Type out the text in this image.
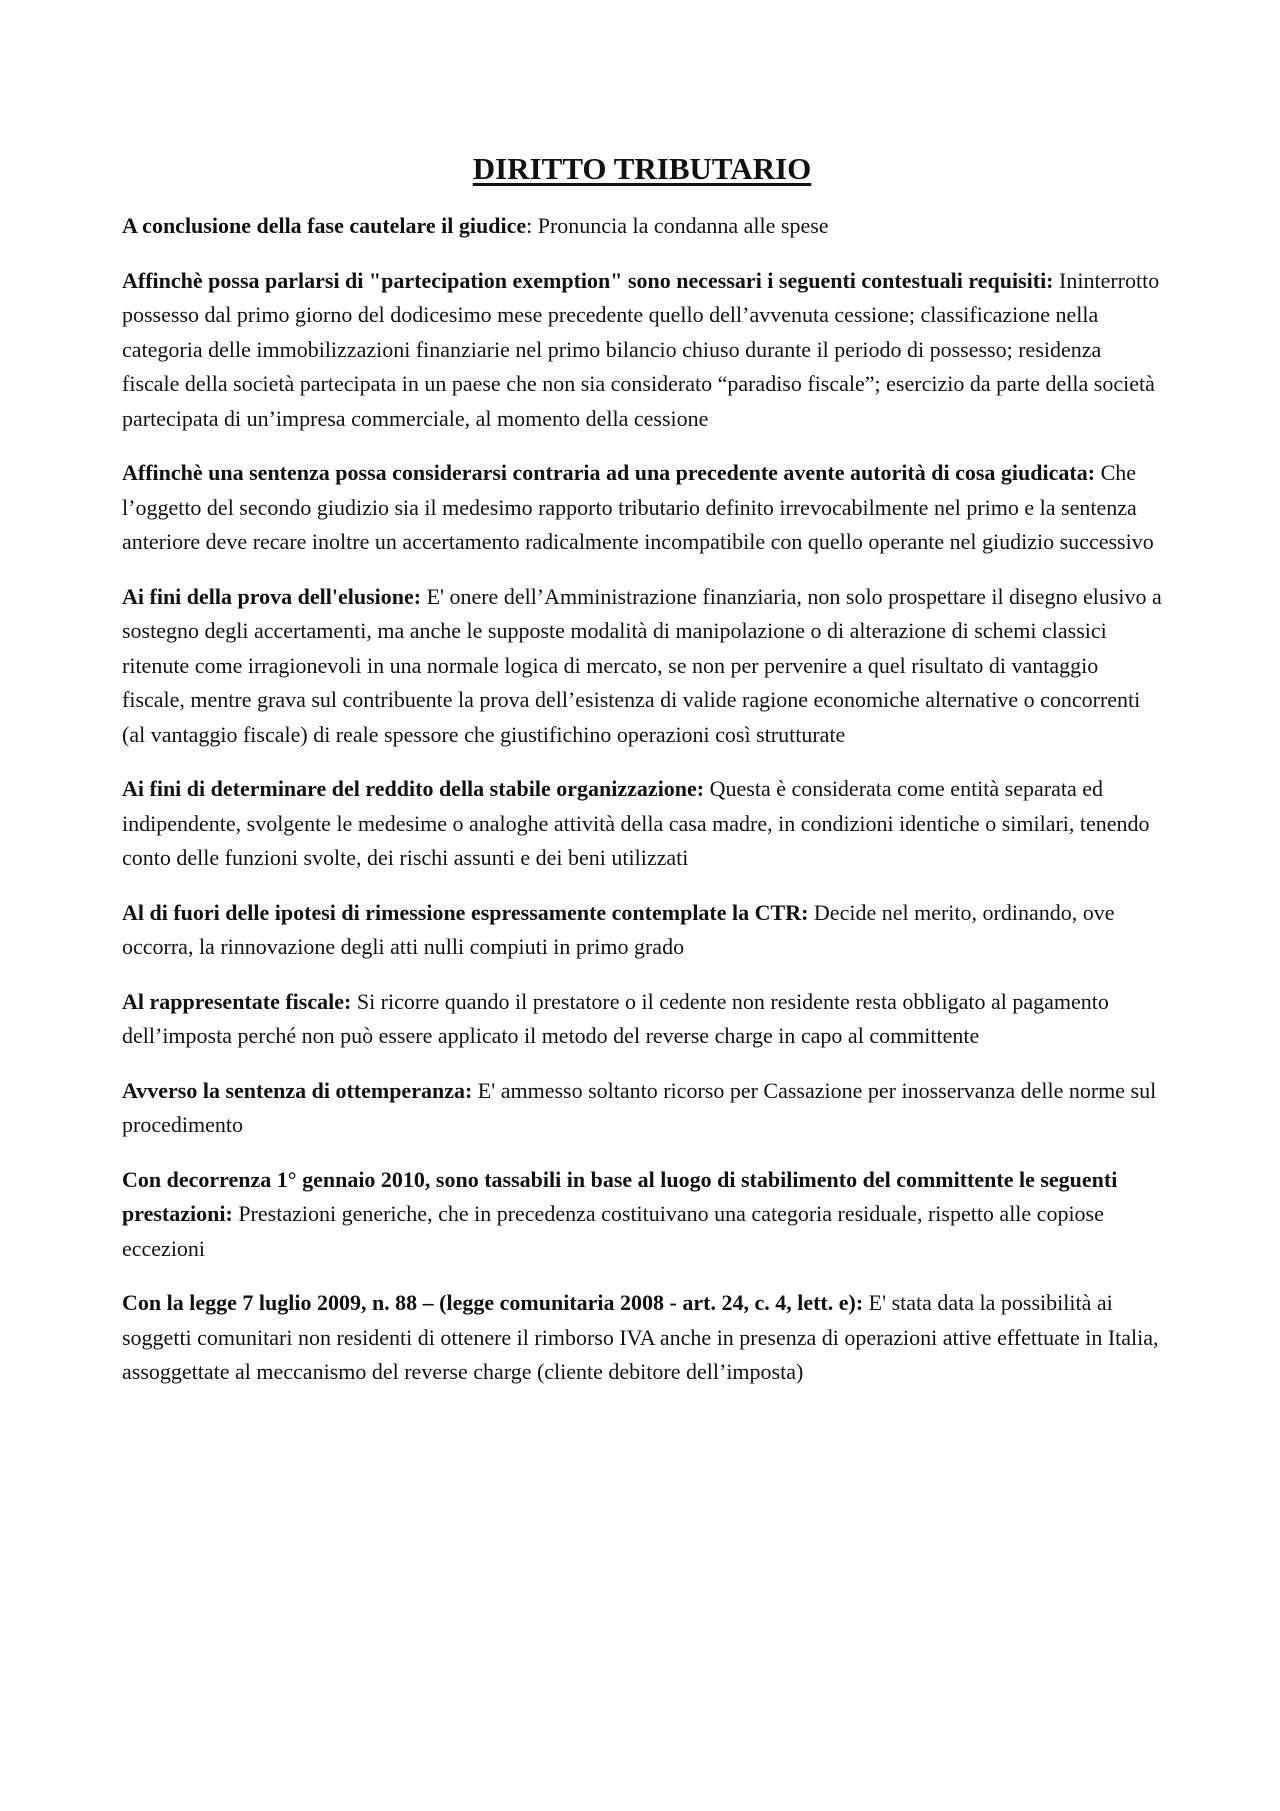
DIRITTO TRIBUTARIO

A conclusione della fase cautelare il giudice: Pronuncia la condanna alle spese

Affinchè possa parlarsi di "partecipation exemption" sono necessari i seguenti contestuali requisiti: Ininterrotto possesso dal primo giorno del dodicesimo mese precedente quello dell’avvenuta cessione; classificazione nella categoria delle immobilizzazioni finanziarie nel primo bilancio chiuso durante il periodo di possesso; residenza fiscale della società partecipata in un paese che non sia considerato “paradiso fiscale”; esercizio da parte della società partecipata di un’impresa commerciale, al momento della cessione

Affinchè una sentenza possa considerarsi contraria ad una precedente avente autorità di cosa giudicata: Che l’oggetto del secondo giudizio sia il medesimo rapporto tributario definito irrevocabilmente nel primo e la sentenza anteriore deve recare inoltre un accertamento radicalmente incompatibile con quello operante nel giudizio successivo

Ai fini della prova dell'elusione: E' onere dell’Amministrazione finanziaria, non solo prospettare il disegno elusivo a sostegno degli accertamenti, ma anche le supposte modalità di manipolazione o di alterazione di schemi classici ritenute come irragionevoli in una normale logica di mercato, se non per pervenire a quel risultato di vantaggio fiscale, mentre grava sul contribuente la prova dell’esistenza di valide ragione economiche alternative o concorrenti (al vantaggio fiscale) di reale spessore che giustifichino operazioni così strutturate

Ai fini di determinare del reddito della stabile organizzazione: Questa è considerata come entità separata ed indipendente, svolgente le medesime o analoghe attività della casa madre, in condizioni identiche o similari, tenendo conto delle funzioni svolte, dei rischi assunti e dei beni utilizzati

Al di fuori delle ipotesi di rimessione espressamente contemplate la CTR: Decide nel merito, ordinando, ove occorra, la rinnovazione degli atti nulli compiuti in primo grado

Al rappresentate fiscale: Si ricorre quando il prestatore o il cedente non residente resta obbligato al pagamento dell’imposta perché non può essere applicato il metodo del reverse charge in capo al committente

Avverso la sentenza di ottemperanza: E' ammesso soltanto ricorso per Cassazione per inosservanza delle norme sul procedimento

Con decorrenza 1° gennaio 2010, sono tassabili in base al luogo di stabilimento del committente le seguenti prestazioni: Prestazioni generiche, che in precedenza costituivano una categoria residuale, rispetto alle copiose eccezioni

Con la legge 7 luglio 2009, n. 88 – (legge comunitaria 2008 - art. 24, c. 4, lett. e): E' stata data la possibilità ai soggetti comunitari non residenti di ottenere il rimborso IVA anche in presenza di operazioni attive effettuate in Italia, assoggettate al meccanismo del reverse charge (cliente debitore dell’imposta)
